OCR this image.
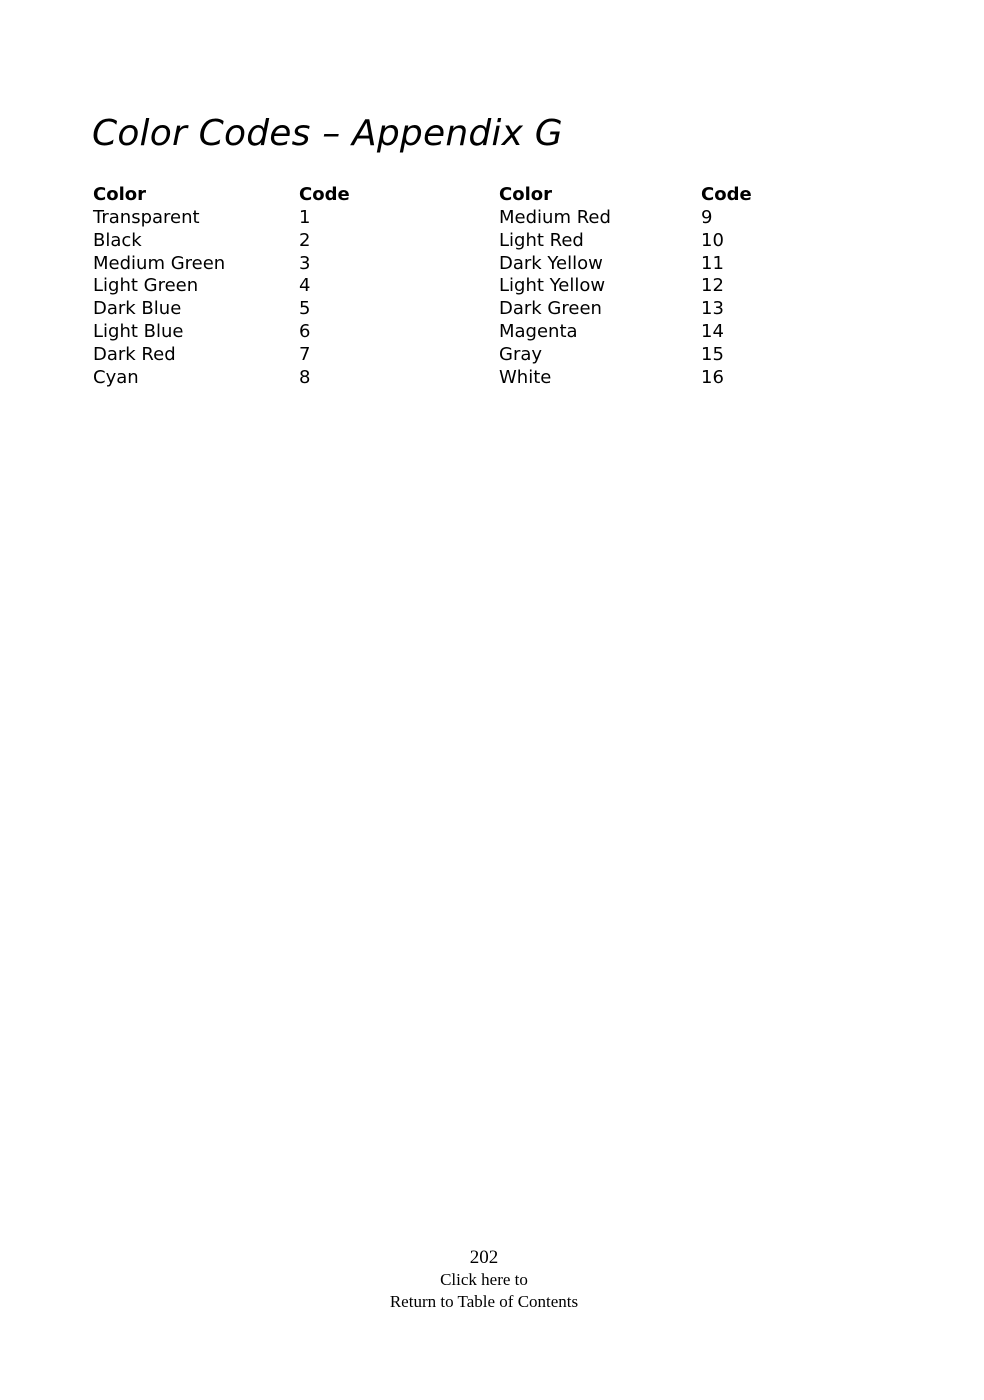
Color Codes – Appendix G
Color	Code
Transparent	1
Black	2
Medium Green	3
Light Green	4
Dark Blue	5
Light Blue	6
Dark Red	7
Cyan	8
Color	Code
Medium Red	9
Light Red	10
Dark Yellow	11
Light Yellow	12
Dark Green	13
Magenta	14
Gray	15
White	16
202
Click here to
Return to Table of Contents
